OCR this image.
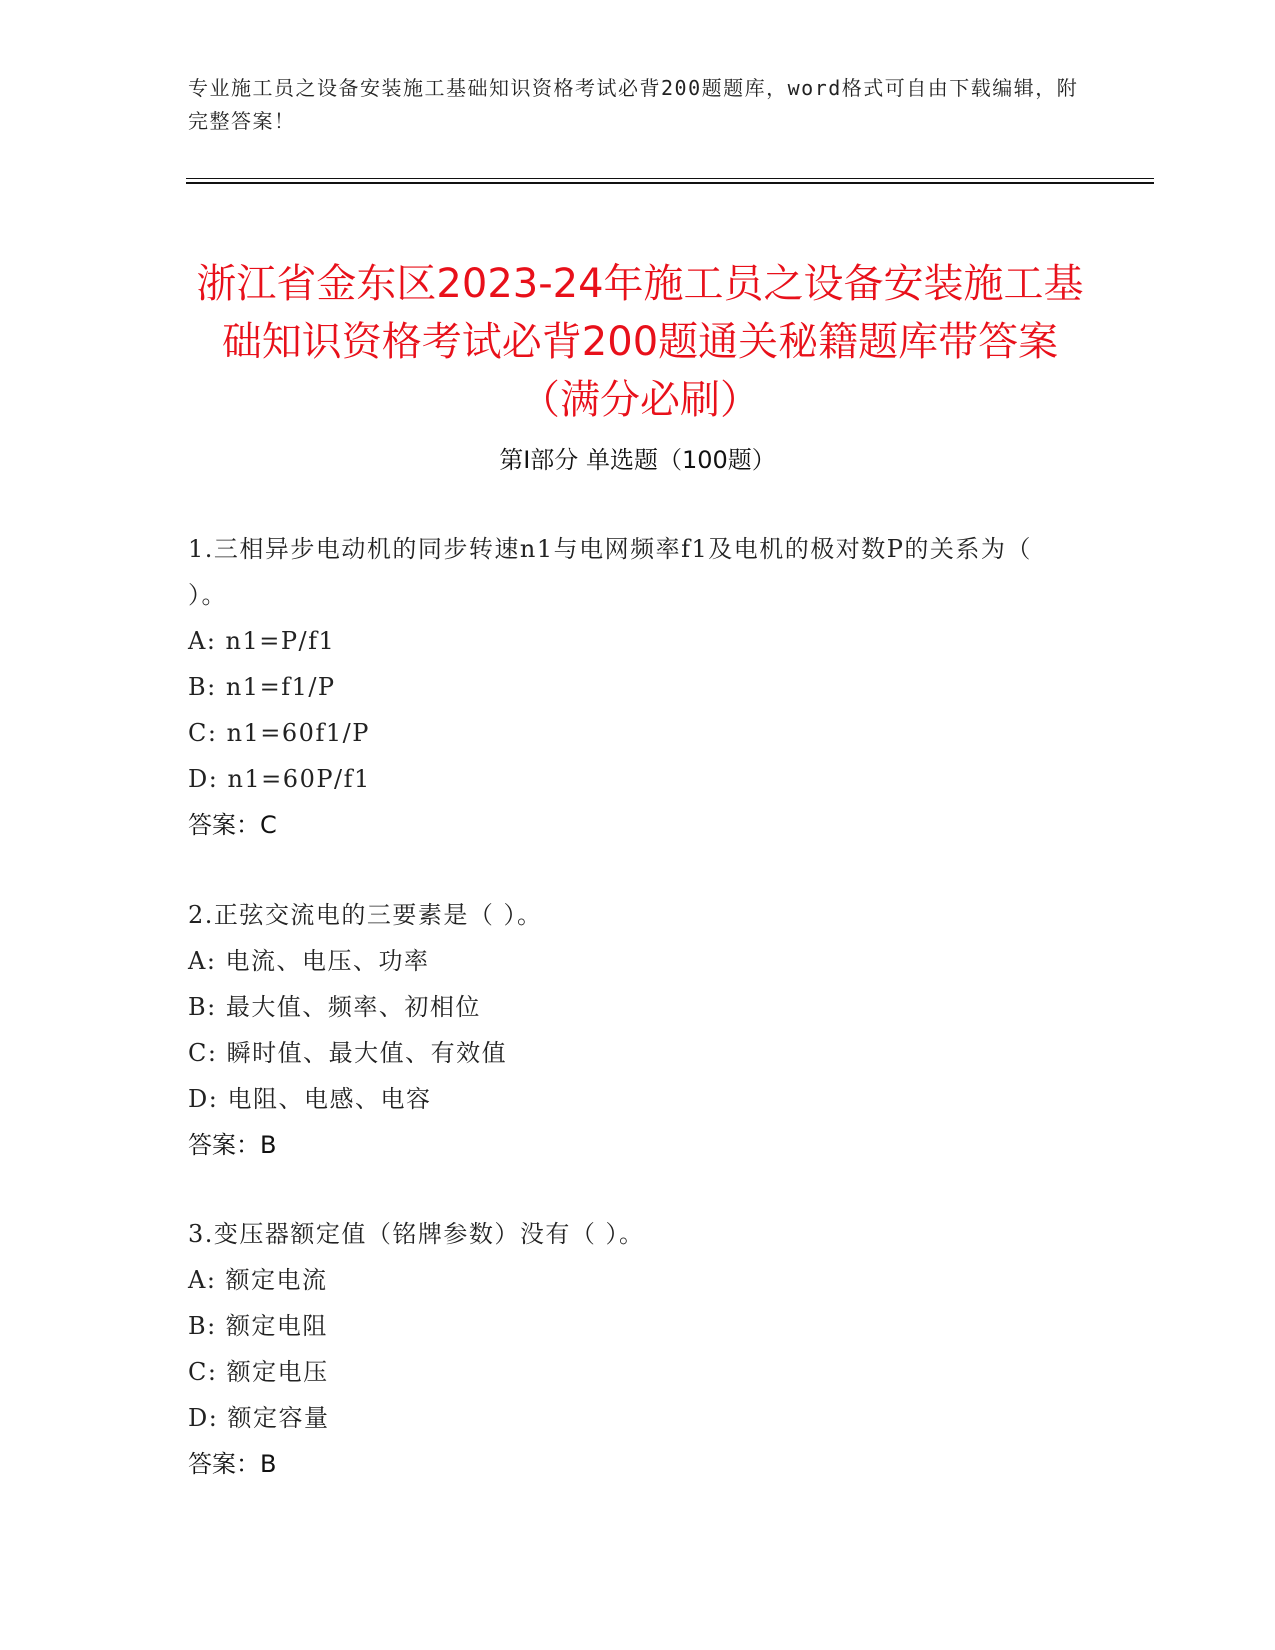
专业施工员之设备安装施工基础知识资格考试必背200题题库，word格式可自由下载编辑，附完整答案！
浙江省金东区2023-24年施工员之设备安装施工基础知识资格考试必背200题通关秘籍题库带答案（满分必刷）
第I部分 单选题（100题）

1.三相异步电动机的同步转速n1与电网频率f1及电机的极对数P的关系为（ ）。

A: n1=P/f1

B: n1=f1/P

C: n1=60f1/P

D: n1=60P/f1

答案：C

2.正弦交流电的三要素是（ ）。

A: 电流、电压、功率

B: 最大值、频率、初相位

C: 瞬时值、最大值、有效值

D: 电阻、电感、电容

答案：B

3.变压器额定值（铭牌参数）没有（ ）。

A: 额定电流

B: 额定电阻

C: 额定电压

D: 额定容量

答案：B
